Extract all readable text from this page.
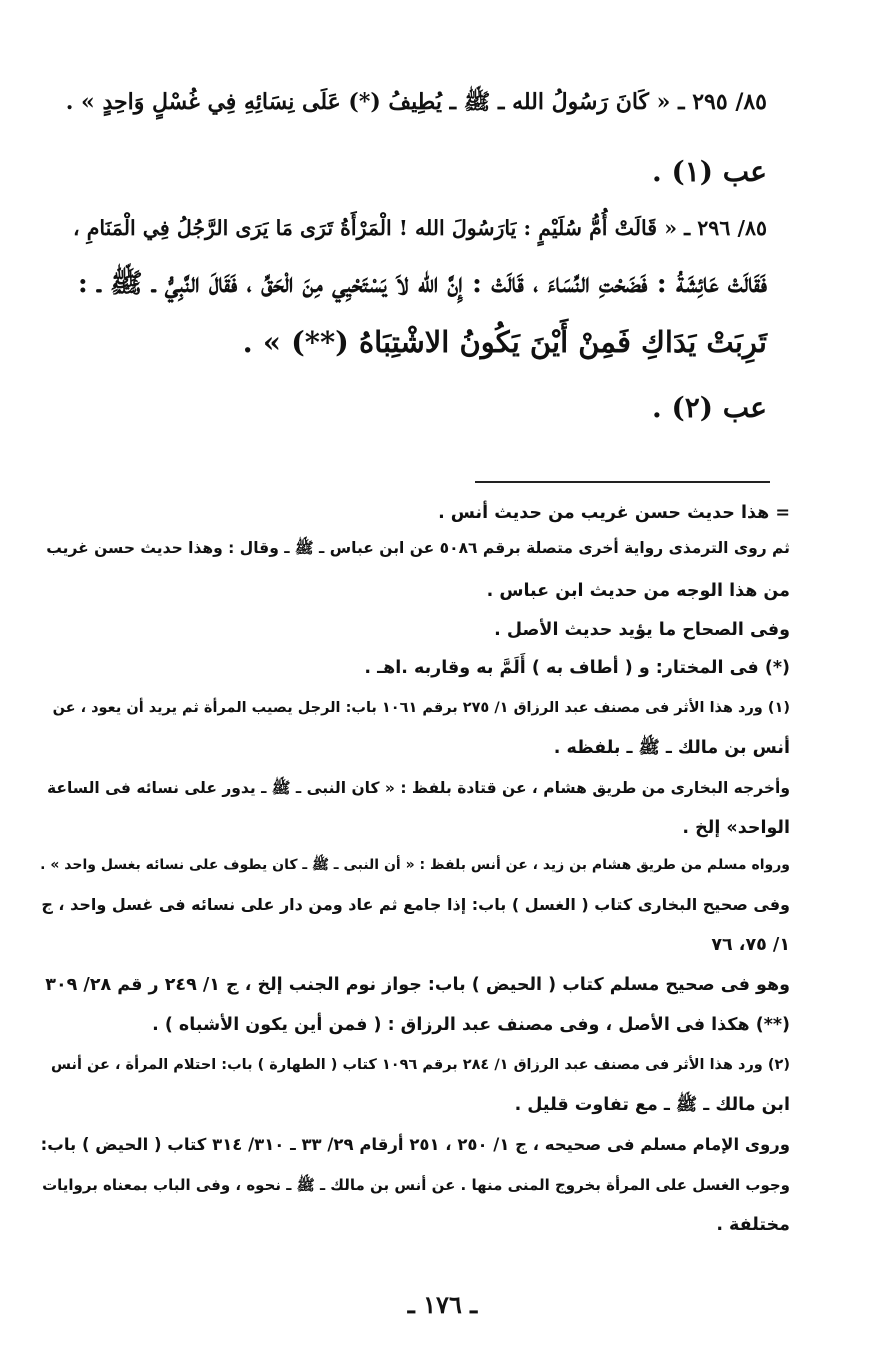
٨٥/ ٢٩٥ ـ « كَانَ رَسُولُ الله ـ ﷺ ـ يُطِيفُ (*) عَلَى نِسَائِهِ فِي غُسْلٍ وَاحِدٍ » .
عب (١) .
٨٥/ ٢٩٦ ـ « قَالَتْ أُمُّ سُلَيْمٍ : يَارَسُولَ الله ! الْمَرْأَةُ تَرَى مَا يَرَى الرَّجُلُ فِي الْمَنَامِ ،
فَقَالَتْ عَائِشَةُ : فَضَحْتِ النِّسَاءَ ، قَالَتْ : إِنَّ الله لاَ يَسْتَحْيِي مِنَ الْحَقِّ ، فَقَالَ النَّبِيُّ ـ ﷺ ـ :
تَرِبَتْ يَدَاكِ فَمِنْ أَيْنَ يَكُونُ الاشْتِبَاهُ (**) » .
عب (٢) .
= هذا حديث حسن غريب من حديث أنس .
ثم روى الترمذى رواية أخرى متصلة برقم ٥٠٨٦ عن ابن عباس ـ ﷺ ـ وقال : وهذا حديث حسن غريب
من هذا الوجه من حديث ابن عباس .
وفى الصحاح ما يؤيد حديث الأصل .
(*) فى المختار: و ( أطاف به ) أَلَمَّ به وقاربه .اهـ .
(١) ورد هذا الأثر فى مصنف عبد الرزاق ١/ ٢٧٥ برقم ١٠٦١ باب: الرجل يصيب المرأة ثم يريد أن يعود ، عن
أنس بن مالك ـ ﷺ ـ بلفظه .
وأخرجه البخارى من طريق هشام ، عن قتادة بلفظ : « كان النبى ـ ﷺ ـ يدور على نسائه فى الساعة
الواحد» إلخ .
ورواه مسلم من طريق هشام بن زيد ، عن أنس بلفظ : « أن النبى ـ ﷺ ـ كان يطوف على نسائه بغسل واحد » .
وفى صحيح البخارى كتاب ( الغسل ) باب: إذا جامع ثم عاد ومن دار على نسائه فى غسل واحد ، ج
١/ ٧٥، ٧٦
وهو فى صحيح مسلم كتاب ( الحيض ) باب: جواز نوم الجنب إلخ ، ج ١/ ٢٤٩ ر قم ٢٨/ ٣٠٩
(**) هكذا فى الأصل ، وفى مصنف عبد الرزاق : ( فمن أين يكون الأشباه ) .
(٢) ورد هذا الأثر فى مصنف عبد الرزاق ١/ ٢٨٤ برقم ١٠٩٦ كتاب ( الطهارة ) باب: احتلام المرأة ، عن أنس
ابن مالك ـ ﷺ ـ مع تفاوت قليل .
وروى الإمام مسلم فى صحيحه ، ج ١/ ٢٥٠ ، ٢٥١ أرقام ٢٩/ ٣٣ ـ ٣١٠/ ٣١٤ كتاب ( الحيض ) باب:
وجوب الغسل على المرأة بخروج المنى منها . عن أنس بن مالك ـ ﷺ ـ نحوه ، وفى الباب بمعناه بروايات
مختلفة .
ـ ١٧٦ ـ
